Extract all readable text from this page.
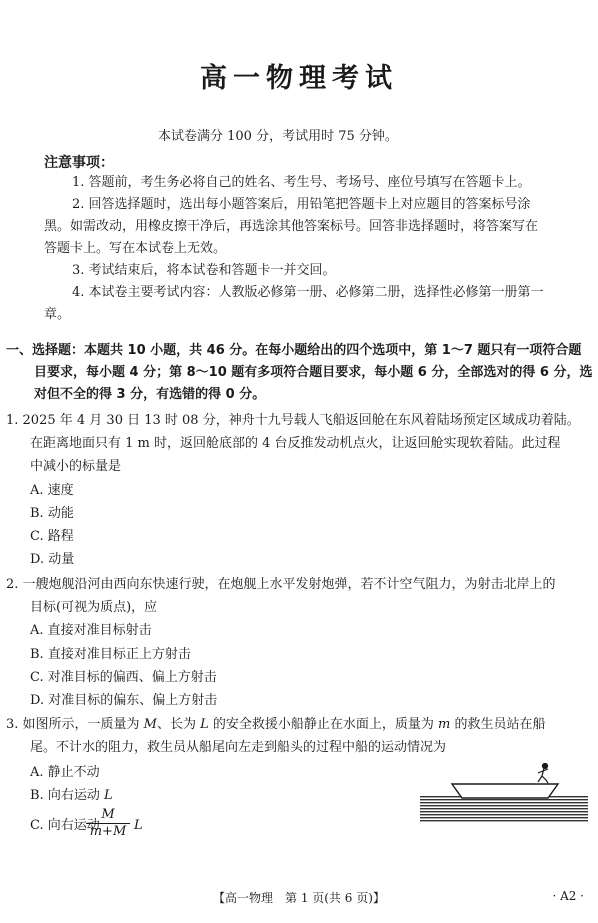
高一物理考试
本试卷满分 100 分，考试用时 75 分钟。
注意事项：
1. 答题前，考生务必将自己的姓名、考生号、考场号、座位号填写在答题卡上。
2. 回答选择题时，选出每小题答案后，用铅笔把答题卡上对应题目的答案标号涂
黑。如需改动，用橡皮擦干净后，再选涂其他答案标号。回答非选择题时，将答案写在
答题卡上。写在本试卷上无效。
3. 考试结束后，将本试卷和答题卡一并交回。
4. 本试卷主要考试内容：人教版必修第一册、必修第二册，选择性必修第一册第一
章。
一、选择题：本题共 10 小题，共 46 分。在每小题给出的四个选项中，第 1～7 题只有一项符合题
目要求，每小题 4 分；第 8～10 题有多项符合题目要求，每小题 6 分，全部选对的得 6 分，选
对但不全的得 3 分，有选错的得 0 分。
1. 2025 年 4 月 30 日 13 时 08 分，神舟十九号载人飞船返回舱在东风着陆场预定区域成功着陆。
在距离地面只有 1 m 时，返回舱底部的 4 台反推发动机点火，让返回舱实现软着陆。此过程
中减小的标量是
A. 速度
B. 动能
C. 路程
D. 动量
2. 一艘炮舰沿河由西向东快速行驶，在炮舰上水平发射炮弹，若不计空气阻力，为射击北岸上的
目标(可视为质点)，应
A. 直接对准目标射击
B. 直接对准目标正上方射击
C. 对准目标的偏西、偏上方射击
D. 对准目标的偏东、偏上方射击
3. 如图所示，一质量为 M、长为 L 的安全救援小船静止在水面上，质量为 m 的救生员站在船
尾。不计水的阻力，救生员从船尾向左走到船头的过程中船的运动情况为
A. 静止不动
B. 向右运动 L
C. 向右运动
M
m+M L
【高一物理　第 1 页(共 6 页)】	· A2 ·
